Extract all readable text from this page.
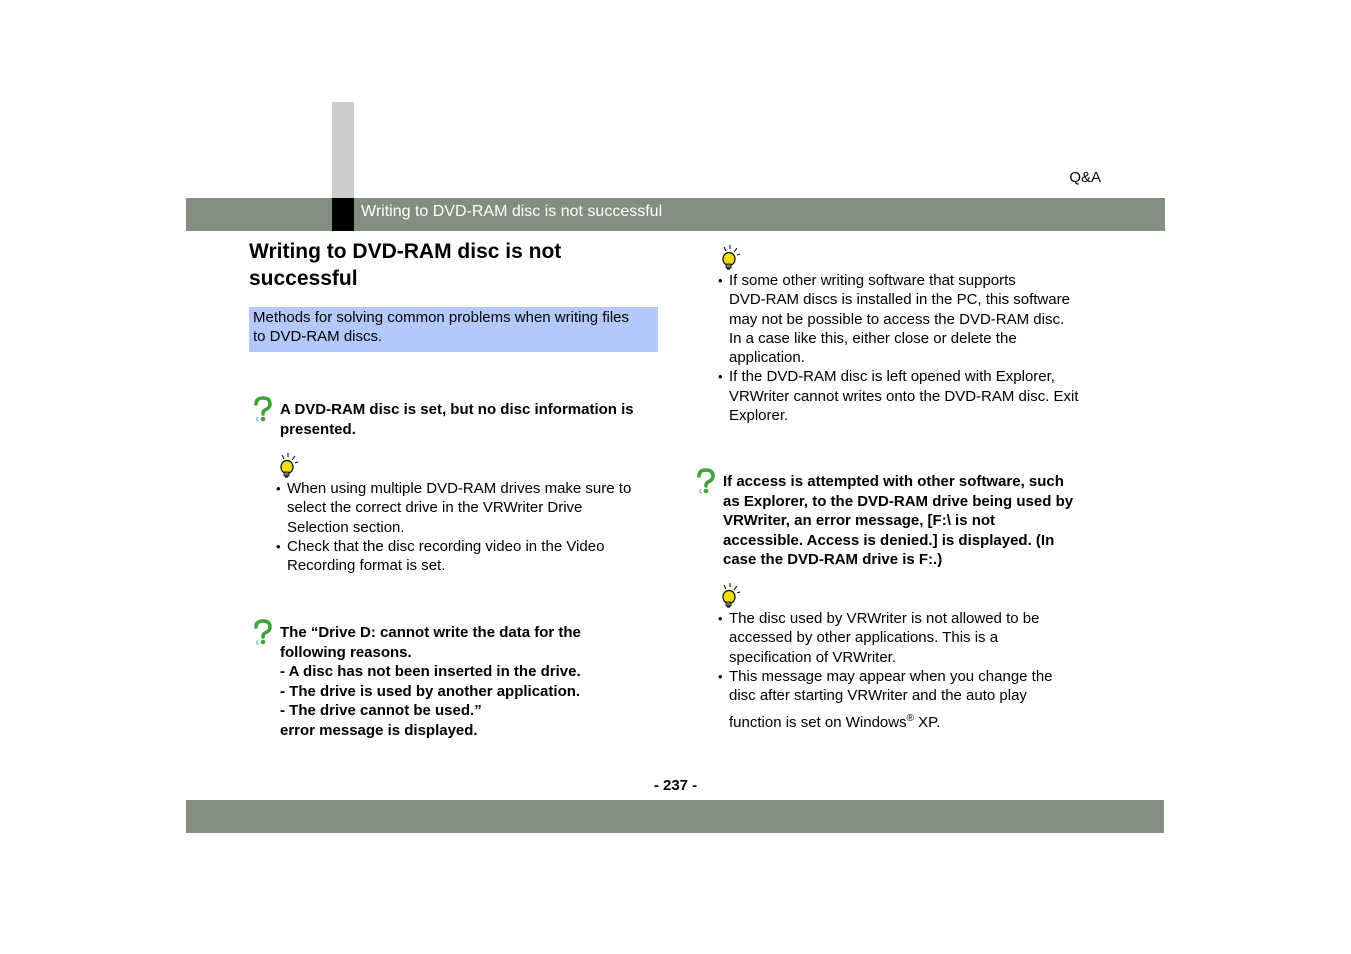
Q&A
Writing to DVD-RAM disc is not successful
Writing to DVD-RAM disc is not
successful
Methods for solving common problems when writing files
to DVD-RAM discs.
A DVD-RAM disc is set, but no disc information is
presented.
• When using multiple DVD-RAM drives make sure to
select the correct drive in the VRWriter Drive
Selection section.
• Check that the disc recording video in the Video
Recording format is set.
The “Drive D: cannot write the data for the
following reasons.
- A disc has not been inserted in the drive.
- The drive is used by another application.
- The drive cannot be used.”
error message is displayed.
• If some other writing software that supports
DVD-RAM discs is installed in the PC, this software
may not be possible to access the DVD-RAM disc.
In a case like this, either close or delete the
application.
• If the DVD-RAM disc is left opened with Explorer,
VRWriter cannot writes onto the DVD-RAM disc. Exit
Explorer.
If access is attempted with other software, such
as Explorer, to the DVD-RAM drive being used by
VRWriter, an error message, [F:\ is not
accessible. Access is denied.] is displayed. (In
case the DVD-RAM drive is F:.)
• The disc used by VRWriter is not allowed to be
accessed by other applications. This is a
specification of VRWriter.
• This message may appear when you change the
disc after starting VRWriter and the auto play
function is set on Windows® XP.
- 237 -
